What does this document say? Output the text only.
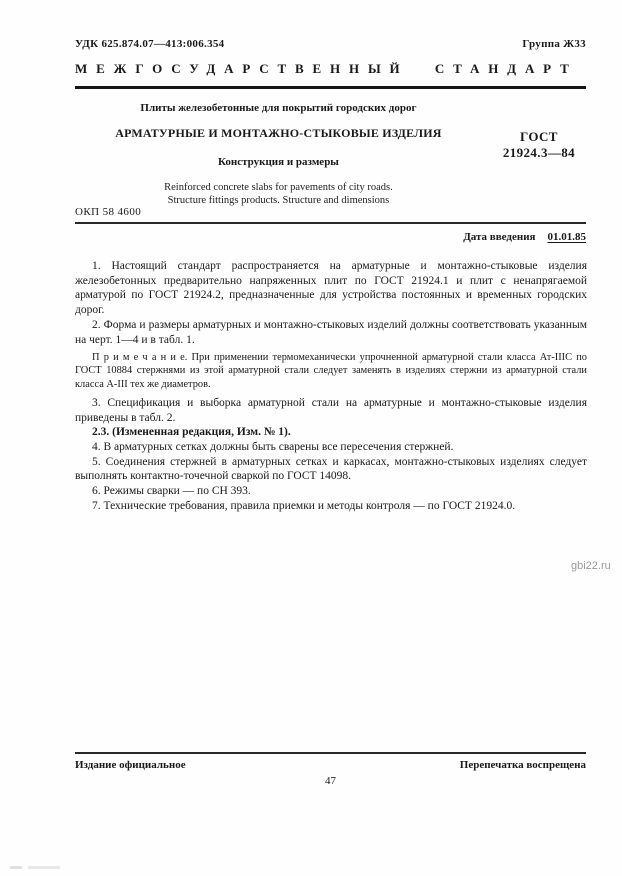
УДК 625.874.07—413:006.354	Группа Ж33
МЕЖГОСУДАРСТВЕННЫЙ СТАНДАРТ
Плиты железобетонные для покрытий городских дорог
АРМАТУРНЫЕ И МОНТАЖНО-СТЫКОВЫЕ ИЗДЕЛИЯ
Конструкция и размеры
Reinforced concrete slabs for pavements of city roads.
Structure fittings products. Structure and dimensions
ГОСТ
21924.3—84
ОКП 58 4600
Дата введения 01.01.85
1. Настоящий стандарт распространяется на арматурные и монтажно-стыковые изделия железобетонных предварительно напряженных плит по ГОСТ 21924.1 и плит с ненапрягаемой арматурой по ГОСТ 21924.2, предназначенные для устройства постоянных и временных городских дорог.
2. Форма и размеры арматурных и монтажно-стыковых изделий должны соответствовать указанным на черт. 1—4 и в табл. 1.
П р и м е ч а н и е. При применении термомеханически упрочненной арматурной стали класса Ат-IIIС по ГОСТ 10884 стержнями из этой арматурной стали следует заменять в изделиях стержни из арматурной стали класса А-III тех же диаметров.
3. Спецификация и выборка арматурной стали на арматурные и монтажно-стыковые изделия приведены в табл. 2.
2.3. (Измененная редакция, Изм. № 1).
4. В арматурных сетках должны быть сварены все пересечения стержней.
5. Соединения стержней в арматурных сетках и каркасах, монтажно-стыковых изделиях следует выполнять контактно-точечной сваркой по ГОСТ 14098.
6. Режимы сварки — по СН 393.
7. Технические требования, правила приемки и методы контроля — по ГОСТ 21924.0.
gbi22.ru
Издание официальное	Перепечатка воспрещена
47
